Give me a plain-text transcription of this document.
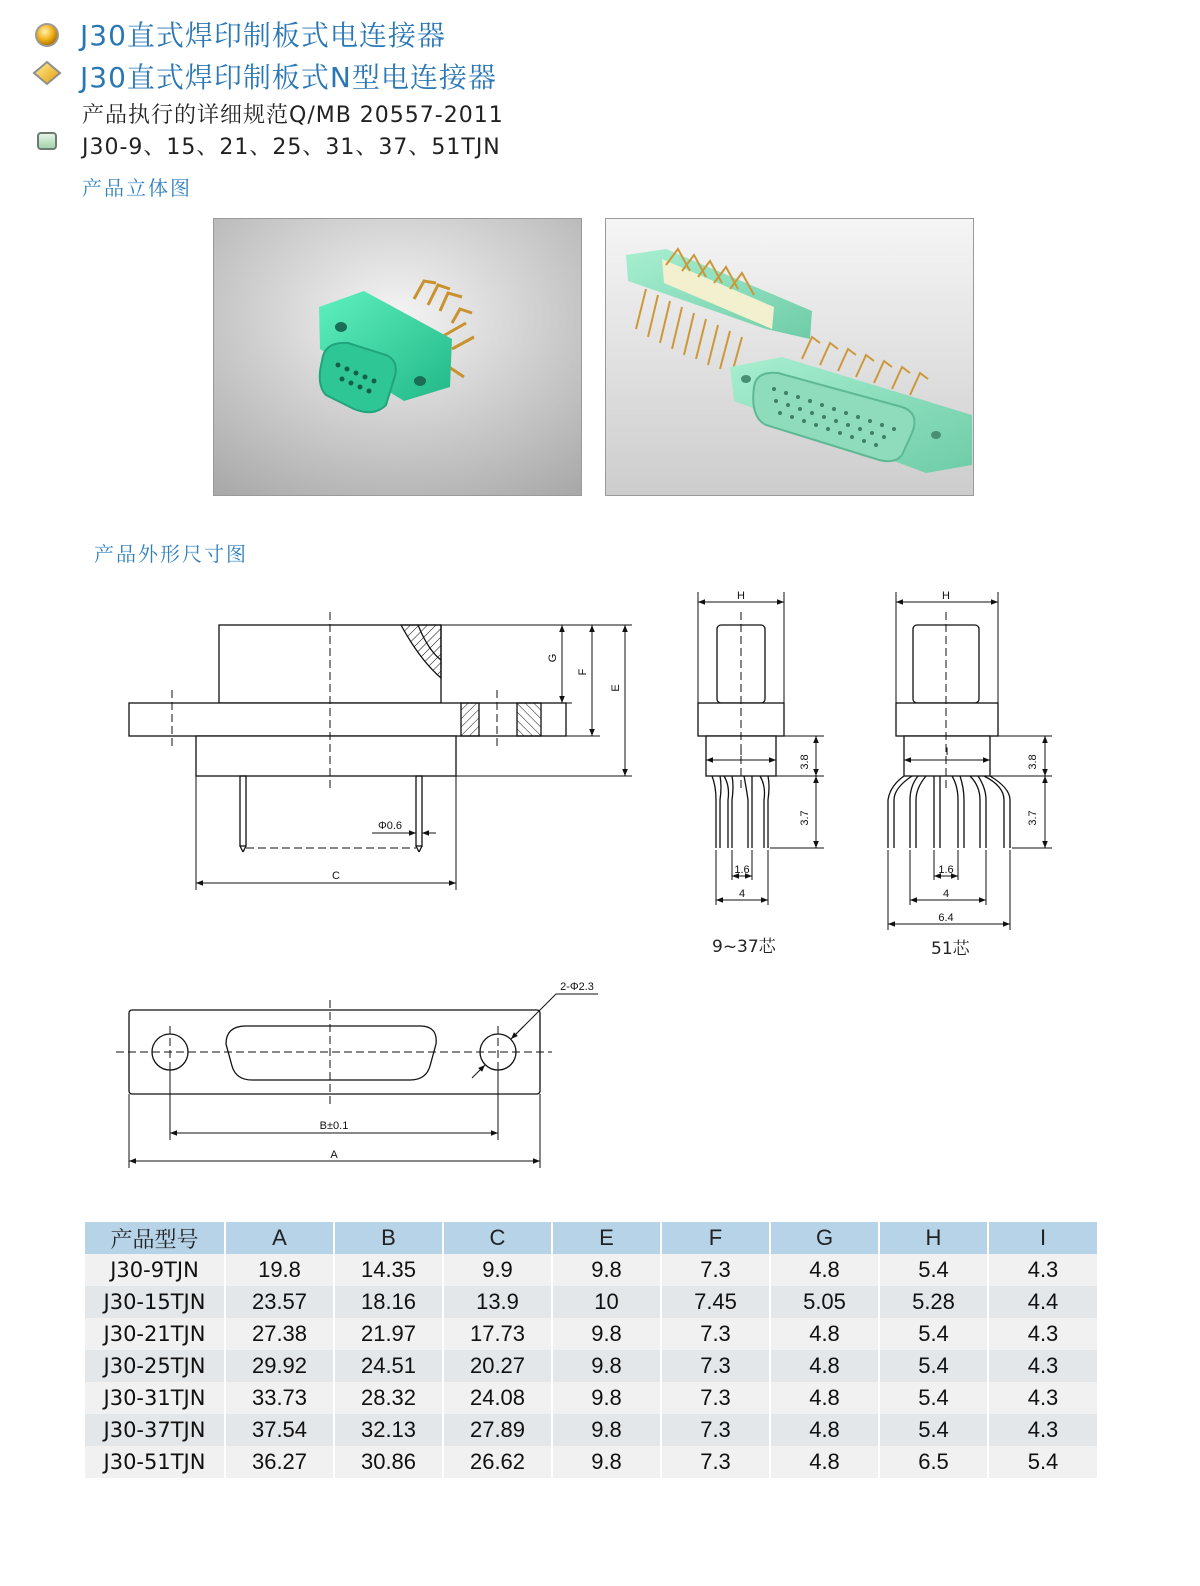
J30直式焊印制板式电连接器
J30直式焊印制板式N型电连接器
产品执行的详细规范Q/MB 20557-2011
J30-9、15、21、25、31、37、51TJN
产品立体图
产品外形尺寸图
G
F
E
C
Φ0.6
H
I
3.8
3.7
1.6
4
H
I
3.8
3.7
1.6
4
6.4
2-Φ2.3
B±0.1
A
9~37芯	51芯
产品型号	A	B	C	E	F	G	H	I
J30-9TJN	19.8	14.35	9.9	9.8	7.3	4.8	5.4	4.3
J30-15TJN	23.57	18.16	13.9	10	7.45	5.05	5.28	4.4
J30-21TJN	27.38	21.97	17.73	9.8	7.3	4.8	5.4	4.3
J30-25TJN	29.92	24.51	20.27	9.8	7.3	4.8	5.4	4.3
J30-31TJN	33.73	28.32	24.08	9.8	7.3	4.8	5.4	4.3
J30-37TJN	37.54	32.13	27.89	9.8	7.3	4.8	5.4	4.3
J30-51TJN	36.27	30.86	26.62	9.8	7.3	4.8	6.5	5.4
